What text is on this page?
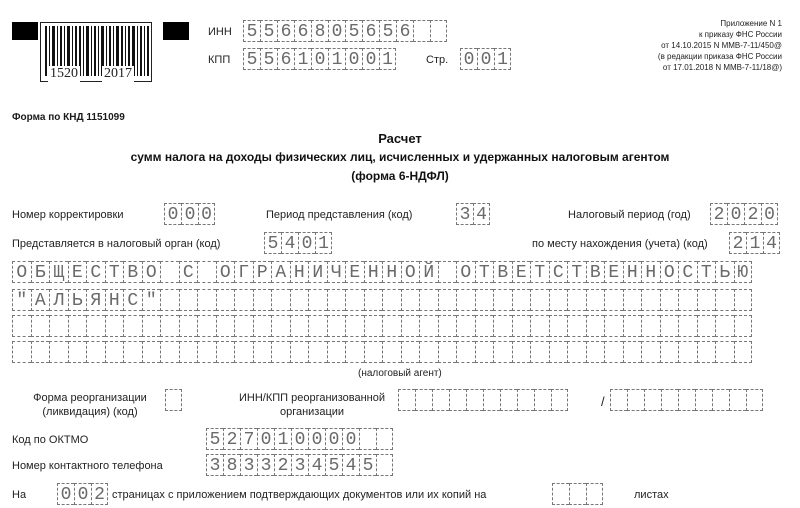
1520 2017
ИНН 5 5 6 6 8 0 5 6 5 6
КПП 5 5 6 1 0 1 0 0 1	Стр. 0 0 1
Приложение N 1
к приказу ФНС России
от 14.10.2015 N ММВ-7-11/450@
(в редакции приказа ФНС России
от 17.01.2018 N ММВ-7-11/18@)
Форма по КНД 1151099
Расчет
сумм налога на доходы физических лиц, исчисленных и удержанных налоговым агентом
(форма 6-НДФЛ)
Номер корректировки 0 0 0	Период представления (код)	3 4	Налоговый период (год) 2 0 2 0
Представляется в налоговый орган (код)	5 4 0 1	по месту нахождения (учета) (код) 2 1 4
О Б Щ Е С Т В О С О Г Р А Н И Ч Е Н Н О Й О Т В Е Т С Т В Е Н Н О С Т Ь Ю
" А Л Ь Я Н С "
(налоговый агент)
Форма реорганизации
(ликвидация) (код)
ИНН/КПП реорганизованной
организации
/
Код по ОКТМО	5 2 7 0 1 0 0 0 0
Номер контактного телефона	3 8 3 3 2 3 4 5 4 5
На 0 0 2 страницах с приложением подтверждающих документов или их копий на	листах
